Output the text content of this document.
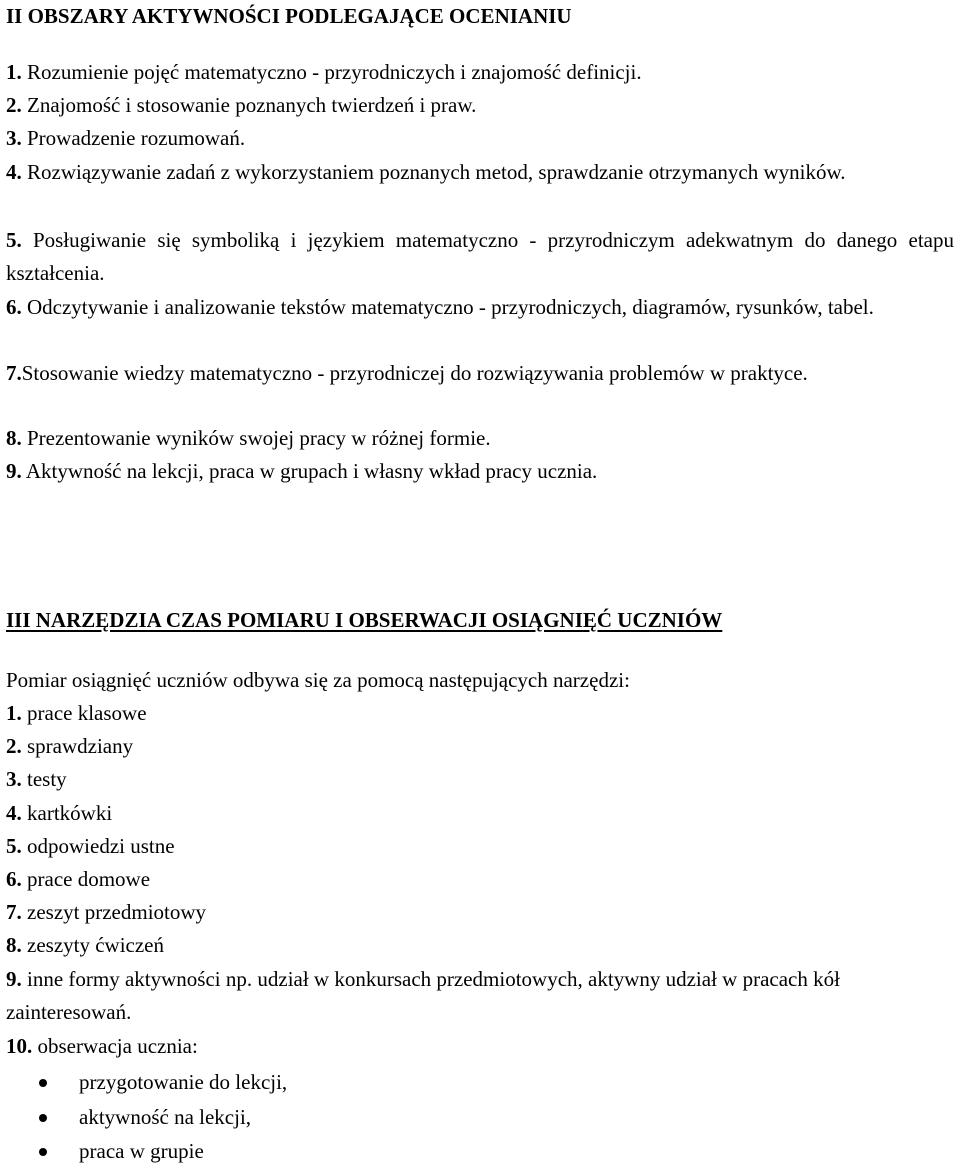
II OBSZARY AKTYWNOŚCI PODLEGAJĄCE OCENIANIU

1. Rozumienie pojęć matematyczno - przyrodniczych i znajomość definicji.
2. Znajomość i stosowanie poznanych twierdzeń i praw.
3. Prowadzenie rozumowań.
4. Rozwiązywanie zadań z wykorzystaniem poznanych metod, sprawdzanie otrzymanych wyników.
5. Posługiwanie się symboliką i językiem matematyczno - przyrodniczym adekwatnym do danego etapu kształcenia.
6. Odczytywanie i analizowanie tekstów matematyczno - przyrodniczych, diagramów, rysunków, tabel.
7.Stosowanie wiedzy matematyczno - przyrodniczej do rozwiązywania problemów w praktyce.
8. Prezentowanie wyników swojej pracy w różnej formie.
9. Aktywność na lekcji, praca w grupach i własny wkład pracy ucznia.

III NARZĘDZIA CZAS POMIARU I OBSERWACJI OSIĄGNIĘĆ UCZNIÓW

Pomiar osiągnięć uczniów odbywa się za pomocą następujących narzędzi:
1. prace klasowe
2. sprawdziany
3. testy
4. kartkówki
5. odpowiedzi ustne
6. prace domowe
7. zeszyt przedmiotowy
8. zeszyty ćwiczeń
9. inne formy aktywności np. udział w konkursach przedmiotowych, aktywny udział w pracach kół zainteresowań.
10. obserwacja ucznia:
przygotowanie do lekcji,
aktywność na lekcji,
praca w grupie
